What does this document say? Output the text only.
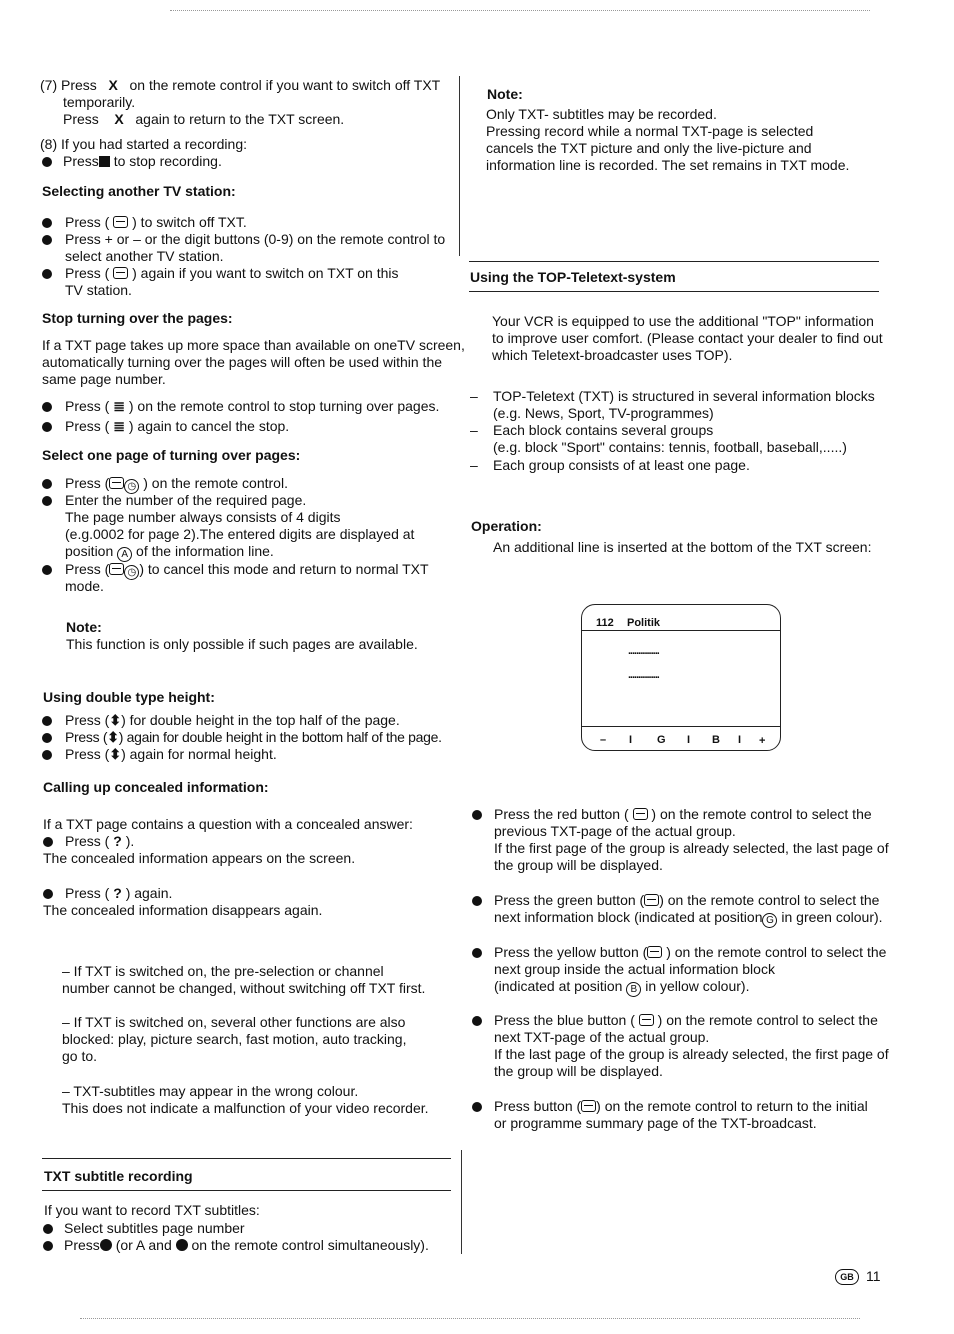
(7) Press X on the remote control if you want to switch off TXT
temporarily.
Press X again to return to the TXT screen.
(8) If you had started a recording:
Press to stop recording.
Selecting another TV station:
Press ( ) to switch off TXT.
Press + or – or the digit buttons (0-9) on the remote control to
select another TV station.
Press ( ) again if you want to switch on TXT on this
TV station.
Stop turning over the pages:
If a TXT page takes up more space than available on oneTV screen,
automatically turning over the pages will often be used within the
same page number.
Press ( ≣ ) on the remote control to stop turning over pages.
Press ( ≣ ) again to cancel the stop.
Select one page of turning over pages:
Press ( ◷ ) on the remote control.
Enter the number of the required page.
The page number always consists of 4 digits
(e.g.0002 for page 2).The entered digits are displayed at
position A of the information line.
Press ( ◷ ) to cancel this mode and return to normal TXT
mode.
Note:
This function is only possible if such pages are available.
Using double type height:
Press (⬍) for double height in the top half of the page.
Press (⬍) again for double height in the bottom half of the page.
Press (⬍) again for normal height.
Calling up concealed information:
If a TXT page contains a question with a concealed answer:
Press ( ? ).
The concealed information appears on the screen.
Press ( ? ) again.
The concealed information disappears again.
– If TXT is switched on, the pre-selection or channel
number cannot be changed, without switching off TXT first.
– If TXT is switched on, several other functions are also
blocked: play, picture search, fast motion, auto tracking,
go to.
– TXT-subtitles may appear in the wrong colour.
This does not indicate a malfunction of your video recorder.
TXT subtitle recording
If you want to record TXT subtitles:
Select subtitles page number
Press (or A and on the remote control simultaneously).
Note:
Only TXT- subtitles may be recorded.
Pressing record while a normal TXT-page is selected
cancels the TXT picture and only the live-picture and
information line is recorded. The set remains in TXT mode.
Using the TOP-Teletext-system
Your VCR is equipped to use the additional "TOP" information
to improve user comfort. (Please contact your dealer to find out
which Teletext-broadcaster uses TOP).
– TOP-Teletext (TXT) is structured in several information blocks
(e.g. News, Sport, TV-programmes)
– Each block contains several groups
(e.g. block "Sport" contains: tennis, football, baseball,.....)
– Each group consists of at least one page.
Operation:
An additional line is inserted at the bottom of the TXT screen:
112 Politik
...............
...............
– I G I B I +
Press the red button ( ) on the remote control to select the
previous TXT-page of the actual group.
If the first page of the group is already selected, the last page of
the group will be displayed.
Press the green button ( ) on the remote control to select the
next information block (indicated at position G in green colour).
Press the yellow button ( ) on the remote control to select the
next group inside the actual information block
(indicated at position B in yellow colour).
Press the blue button ( ) on the remote control to select the
next TXT-page of the actual group.
If the last page of the group is already selected, the first page of
the group will be displayed.
Press button ( ) on the remote control to return to the initial
or programme summary page of the TXT-broadcast.
GB 11
